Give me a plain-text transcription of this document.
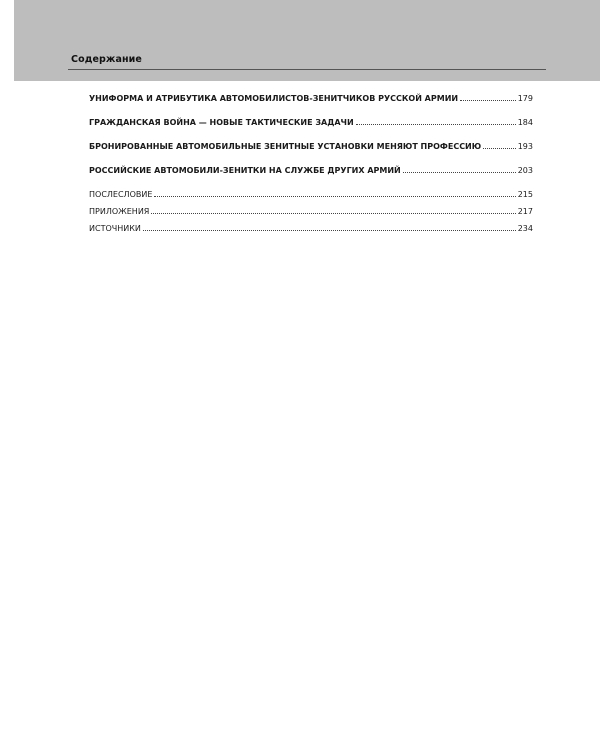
Содержание
УНИФОРМА И АТРИБУТИКА АВТОМОБИЛИСТОВ-ЗЕНИТЧИКОВ РУССКОЙ АРМИИ	179
ГРАЖДАНСКАЯ ВОЙНА — НОВЫЕ ТАКТИЧЕСКИЕ ЗАДАЧИ	184
БРОНИРОВАННЫЕ АВТОМОБИЛЬНЫЕ ЗЕНИТНЫЕ УСТАНОВКИ МЕНЯЮТ ПРОФЕССИЮ	193
РОССИЙСКИЕ АВТОМОБИЛИ-ЗЕНИТКИ НА СЛУЖБЕ ДРУГИХ АРМИЙ	203
ПОСЛЕСЛОВИЕ	215
ПРИЛОЖЕНИЯ	217
ИСТОЧНИКИ	234
